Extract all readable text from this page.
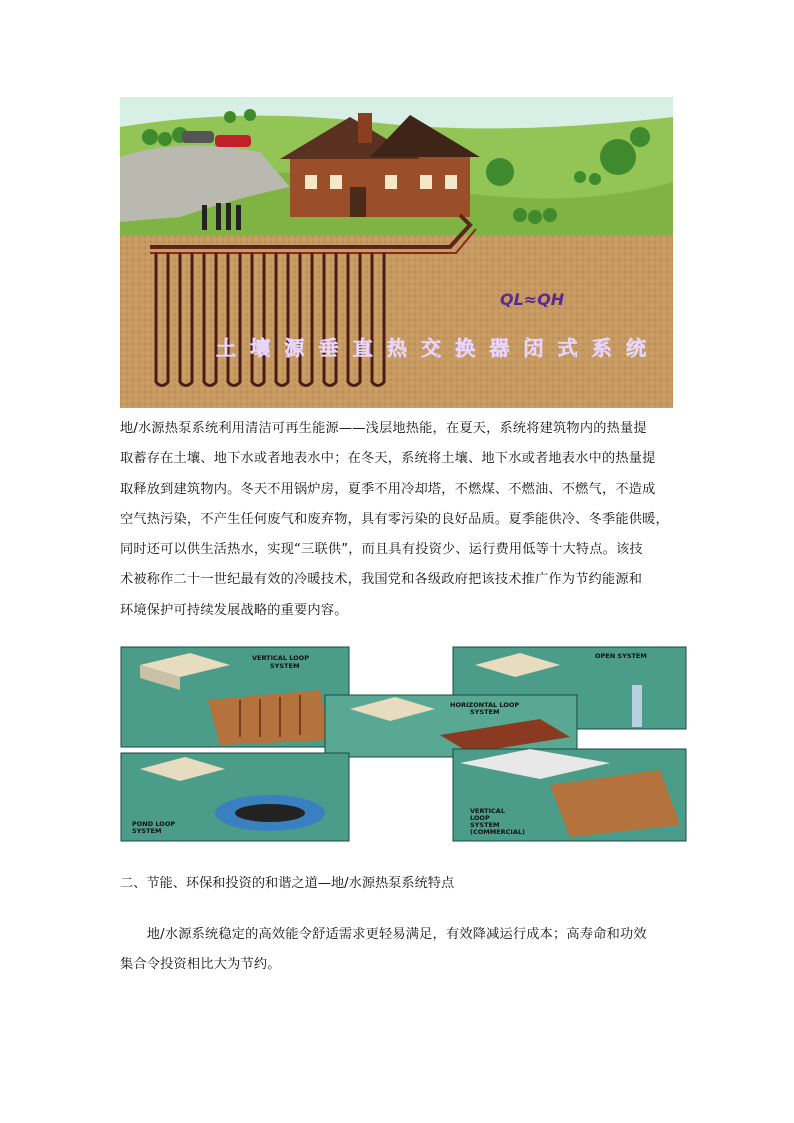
QL≈QH
土壤源垂直热交换器闭式系统
地/水源热泵系统利用清洁可再生能源——浅层地热能，在夏天，系统将建筑物内的热量提
取蓄存在土壤、地下水或者地表水中；在冬天，系统将土壤、地下水或者地表水中的热量提
取释放到建筑物内。冬天不用锅炉房，夏季不用冷却塔，不燃煤、不燃油、不燃气，不造成
空气热污染，不产生任何废气和废弃物，具有零污染的良好品质。夏季能供冷、冬季能供暖，
同时还可以供生活热水，实现“三联供”，而且具有投资少、运行费用低等十大特点。该技
术被称作二十一世纪最有效的冷暖技术，我国党和各级政府把该技术推广作为节约能源和
环境保护可持续发展战略的重要内容。
VERTICAL LOOP
SYSTEM
OPEN SYSTEM
HORIZONTAL LOOP
SYSTEM
POND LOOP
SYSTEM
VERTICAL
LOOP
SYSTEM
(COMMERCIAL)
二、节能、环保和投资的和谐之道—地/水源热泵系统特点
　　地/水源系统稳定的高效能令舒适需求更轻易满足，有效降减运行成本；高寿命和功效
集合令投资相比大为节约。
